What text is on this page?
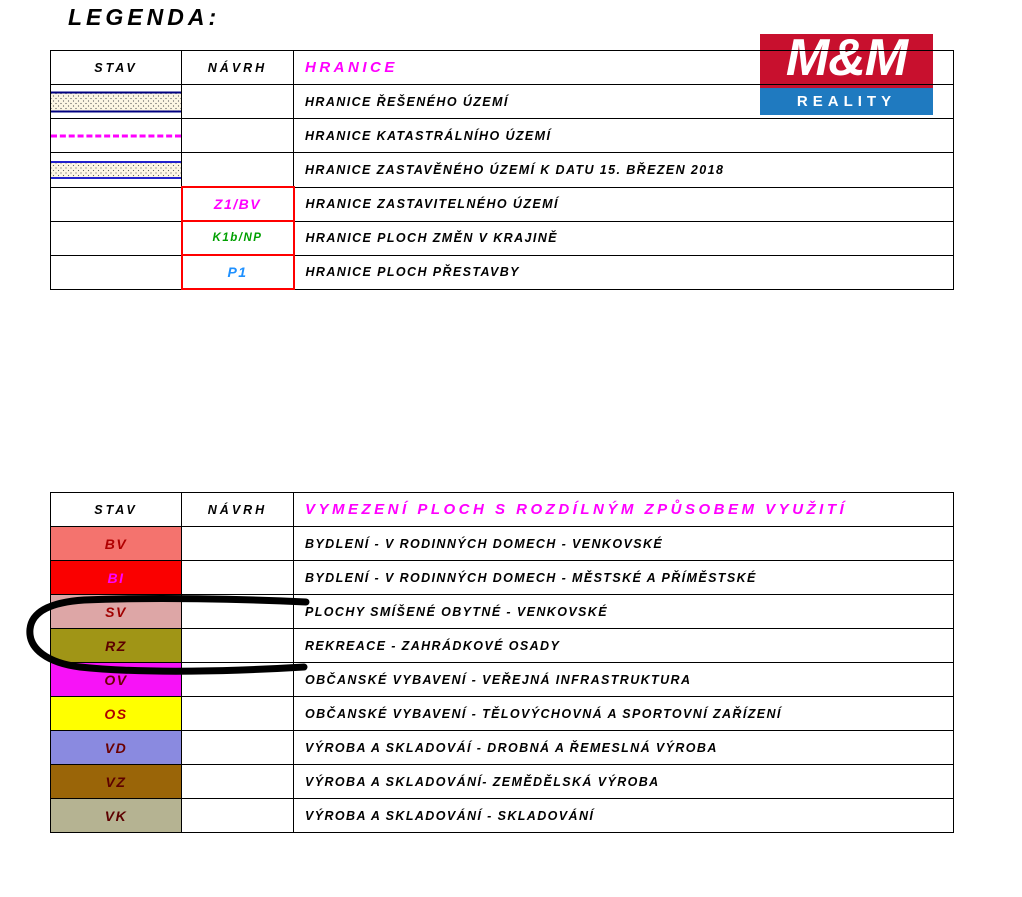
LEGENDA:
M&M
REALITY
STAV	NÁVRH	HRANICE

		HRANICE ŘEŠENÉHO ÚZEMÍ

		HRANICE KATASTRÁLNÍHO ÚZEMÍ

		HRANICE ZASTAVĚNÉHO ÚZEMÍ K DATU 15. BŘEZEN 2018
	Z1/BV	HRANICE ZASTAVITELNÉHO ÚZEMÍ
	K1b/NP	HRANICE PLOCH ZMĚN V KRAJINĚ
	P1	HRANICE PLOCH PŘESTAVBY
STAV	NÁVRH	VYMEZENÍ PLOCH S ROZDÍLNÝM ZPŮSOBEM VYUŽITÍ
BV		BYDLENÍ - V RODINNÝCH DOMECH - VENKOVSKÉ
BI		BYDLENÍ - V RODINNÝCH DOMECH - MĚSTSKÉ A PŘÍMĚSTSKÉ
SV		PLOCHY SMÍŠENÉ OBYTNÉ - VENKOVSKÉ
RZ		REKREACE - ZAHRÁDKOVÉ OSADY
OV		OBČANSKÉ VYBAVENÍ - VEŘEJNÁ INFRASTRUKTURA
OS		OBČANSKÉ VYBAVENÍ - TĚLOVÝCHOVNÁ A SPORTOVNÍ ZAŘÍZENÍ
VD		VÝROBA A SKLADOVÁÍ - DROBNÁ A ŘEMESLNÁ VÝROBA
VZ		VÝROBA A SKLADOVÁNÍ- ZEMĚDĚLSKÁ VÝROBA
VK		VÝROBA A SKLADOVÁNÍ - SKLADOVÁNÍ
